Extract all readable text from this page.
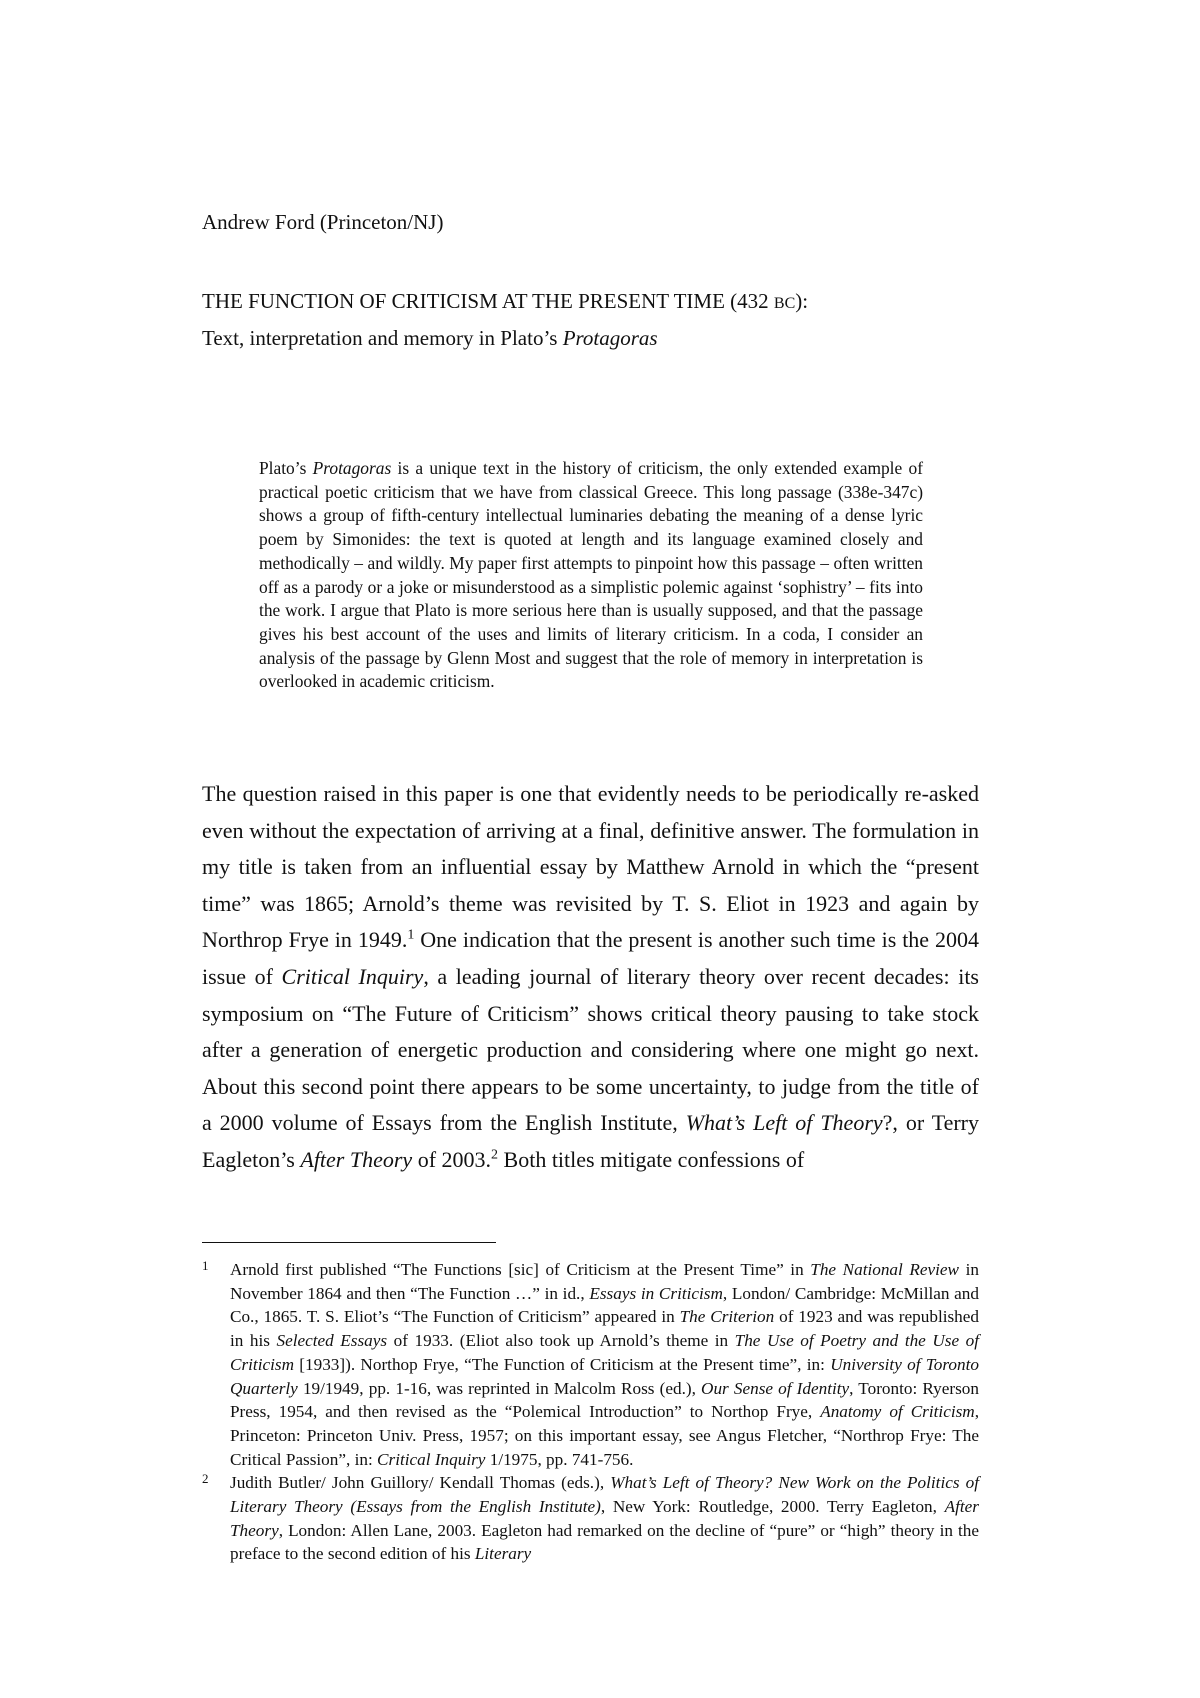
Andrew Ford (Princeton/NJ)
THE FUNCTION OF CRITICISM AT THE PRESENT TIME (432 BC):
Text, interpretation and memory in Plato’s Protagoras
Plato’s Protagoras is a unique text in the history of criticism, the only extended example of practical poetic criticism that we have from classical Greece. This long passage (338e-347c) shows a group of fifth-century intellectual luminaries debating the meaning of a dense lyric poem by Simonides: the text is quoted at length and its language examined closely and methodically – and wildly. My paper first attempts to pinpoint how this passage – often written off as a parody or a joke or misunderstood as a simplistic polemic against ‘sophistry’ – fits into the work. I argue that Plato is more serious here than is usually supposed, and that the passage gives his best account of the uses and limits of literary criticism. In a coda, I consider an analysis of the passage by Glenn Most and suggest that the role of memory in interpretation is overlooked in academic criticism.

The question raised in this paper is one that evidently needs to be periodically re-asked even without the expectation of arriving at a final, definitive answer. The formulation in my title is taken from an influential essay by Matthew Arnold in which the “present time” was 1865; Arnold’s theme was revisited by T. S. Eliot in 1923 and again by Northrop Frye in 1949.$^1$ One indication that the present is another such time is the 2004 issue of Critical Inquiry, a leading journal of literary theory over recent decades: its symposium on “The Future of Criticism” shows critical theory pausing to take stock after a generation of energetic production and considering where one might go next. About this second point there appears to be some uncertainty, to judge from the title of a 2000 volume of Essays from the English Institute, What’s Left of Theory?, or Terry Eagleton’s After Theory of 2003.$^2$ Both titles mitigate confessions of

1 Arnold first published “The Functions [sic] of Criticism at the Present Time” in The National Review in November 1864 and then “The Function …” in id., Essays in Criticism, London/ Cambridge: McMillan and Co., 1865. T. S. Eliot’s “The Function of Criticism” appeared in The Criterion of 1923 and was republished in his Selected Essays of 1933. (Eliot also took up Arnold’s theme in The Use of Poetry and the Use of Criticism [1933]). Northop Frye, “The Function of Criticism at the Present time”, in: University of Toronto Quarterly 19/1949, pp. 1-16, was reprinted in Malcolm Ross (ed.), Our Sense of Identity, Toronto: Ryerson Press, 1954, and then revised as the “Polemical Introduction” to Northop Frye, Anatomy of Criticism, Princeton: Princeton Univ. Press, 1957; on this important essay, see Angus Fletcher, “Northrop Frye: The Critical Passion”, in: Critical Inquiry 1/1975, pp. 741-756.
2 Judith Butler/ John Guillory/ Kendall Thomas (eds.), What’s Left of Theory? New Work on the Politics of Literary Theory (Essays from the English Institute), New York: Routledge, 2000. Terry Eagleton, After Theory, London: Allen Lane, 2003. Eagleton had remarked on the decline of “pure” or “high” theory in the preface to the second edition of his Literary
